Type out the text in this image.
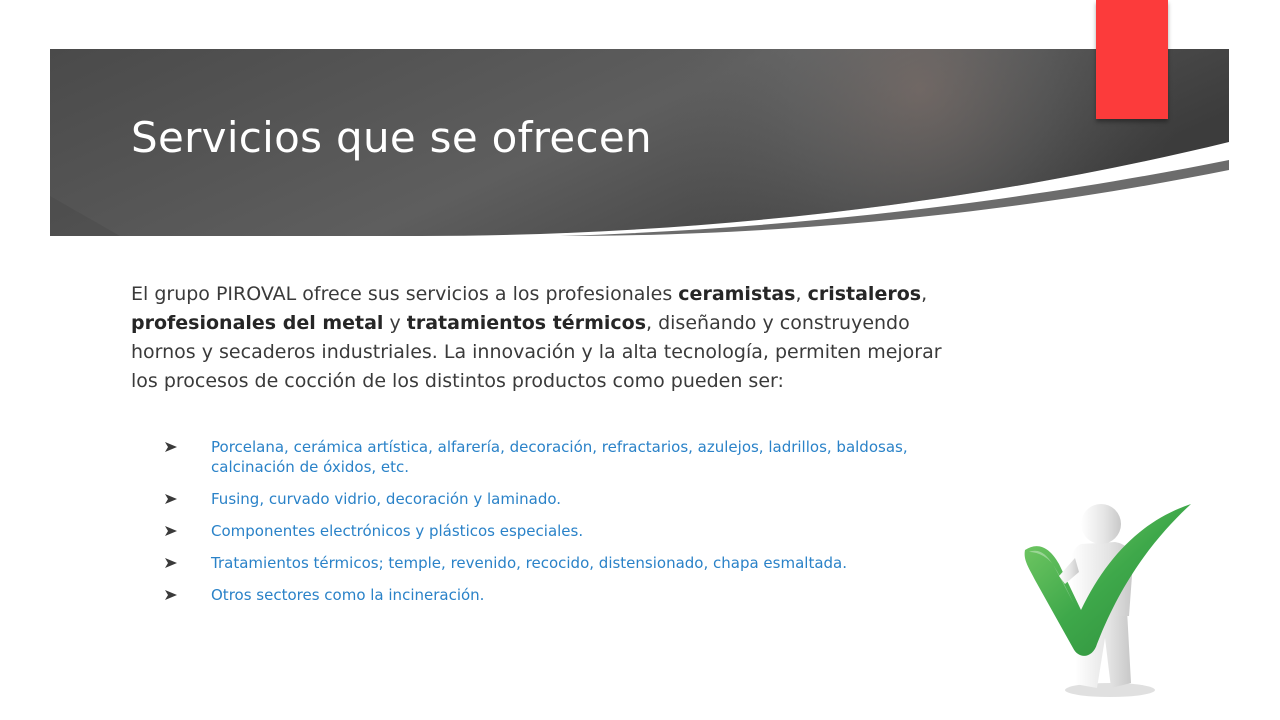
Servicios que se ofrecen

El grupo PIROVAL ofrece sus servicios a los profesionales ceramistas, cristaleros, profesionales del metal y tratamientos térmicos, diseñando y construyendo hornos y secaderos industriales. La innovación y la alta tecnología, permiten mejorar los procesos de cocción de los distintos productos como pueden ser:

Porcelana, cerámica artística, alfarería, decoración, refractarios, azulejos, ladrillos, baldosas, calcinación de óxidos, etc.
Fusing, curvado vidrio, decoración y laminado.
Componentes electrónicos y plásticos especiales.
Tratamientos térmicos; temple, revenido, recocido, distensionado, chapa esmaltada.
Otros sectores como la incineración.
